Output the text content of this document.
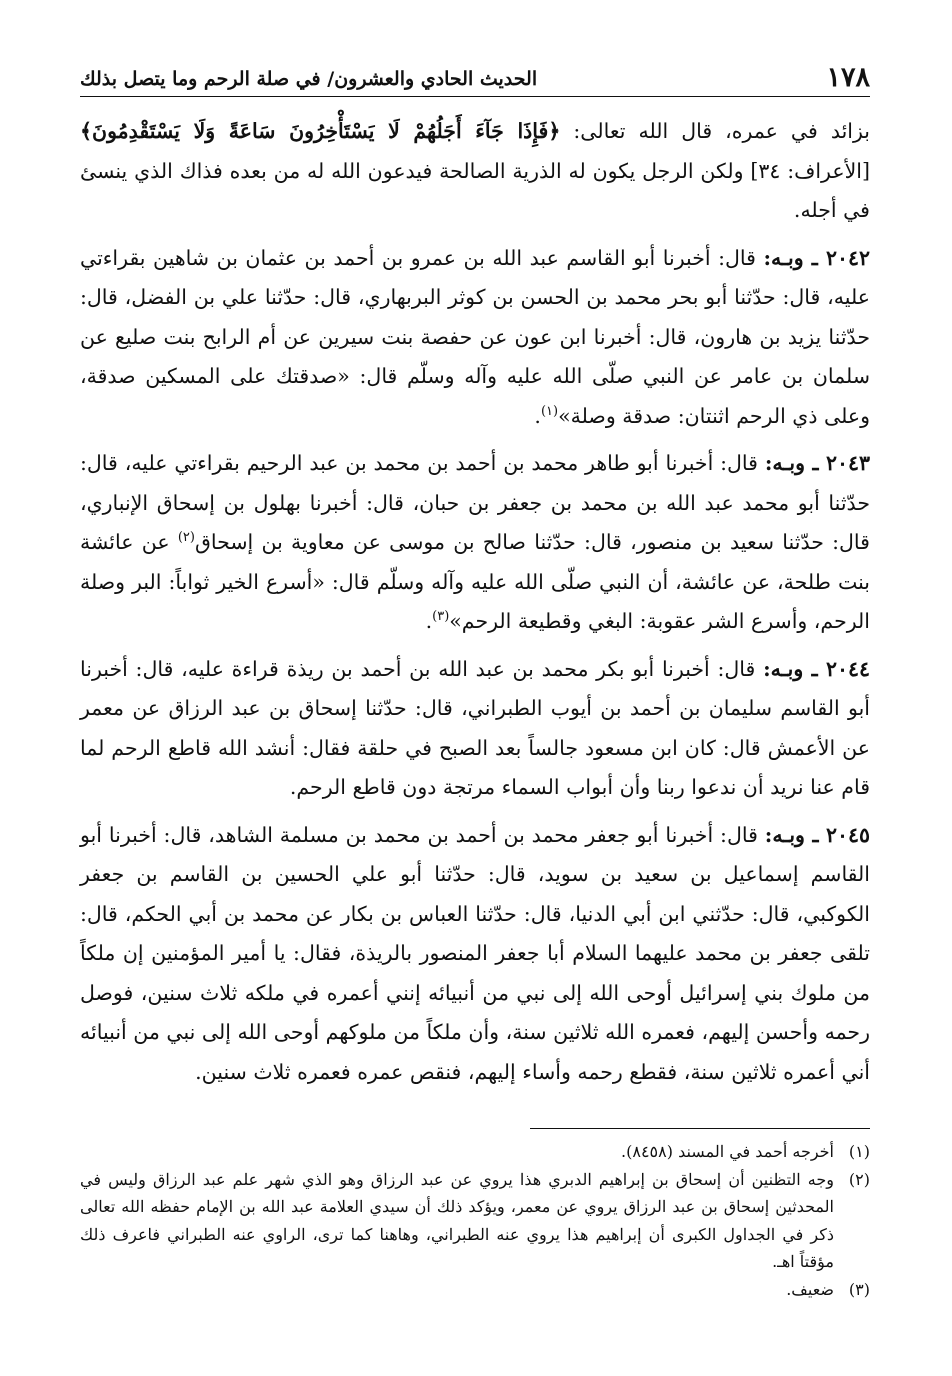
١٧٨
الحديث الحادي والعشرون/ في صلة الرحم وما يتصل بذلك

بزائد في عمره، قال الله تعالى: ﴿فَإِذَا جَآءَ أَجَلُهُمْ لَا يَسْتَأْخِرُونَ سَاعَةً وَلَا يَسْتَقْدِمُونَ﴾ [الأعراف: ٣٤] ولكن الرجل يكون له الذرية الصالحة فيدعون الله له من بعده فذاك الذي ينسئ في أجله.

٢٠٤٢ ـ وبـه: قال: أخبرنا أبو القاسم عبد الله بن عمرو بن أحمد بن عثمان بن شاهين بقراءتي عليه، قال: حدّثنا أبو بحر محمد بن الحسن بن كوثر البربهاري، قال: حدّثنا علي بن الفضل، قال: حدّثنا يزيد بن هارون، قال: أخبرنا ابن عون عن حفصة بنت سيرين عن أم الرابح بنت صليع عن سلمان بن عامر عن النبي صلّى الله عليه وآله وسلّم قال: «صدقتك على المسكين صدقة، وعلى ذي الرحم اثنتان: صدقة وصلة»$^{(١)}$.

٢٠٤٣ ـ وبـه: قال: أخبرنا أبو طاهر محمد بن أحمد بن محمد بن عبد الرحيم بقراءتي عليه، قال: حدّثنا أبو محمد عبد الله بن محمد بن جعفر بن حبان، قال: أخبرنا بهلول بن إسحاق الإنباري، قال: حدّثنا سعيد بن منصور، قال: حدّثنا صالح بن موسى عن معاوية بن إسحاق$^{(٢)}$ عن عائشة بنت طلحة، عن عائشة، أن النبي صلّى الله عليه وآله وسلّم قال: «أسرع الخير ثواباً: البر وصلة الرحم، وأسرع الشر عقوبة: البغي وقطيعة الرحم»$^{(٣)}$.

٢٠٤٤ ـ وبـه: قال: أخبرنا أبو بكر محمد بن عبد الله بن أحمد بن ريذة قراءة عليه، قال: أخبرنا أبو القاسم سليمان بن أحمد بن أيوب الطبراني، قال: حدّثنا إسحاق بن عبد الرزاق عن معمر عن الأعمش قال: كان ابن مسعود جالساً بعد الصبح في حلقة فقال: أنشد الله قاطع الرحم لما قام عنا نريد أن ندعوا ربنا وأن أبواب السماء مرتجة دون قاطع الرحم.

٢٠٤٥ ـ وبـه: قال: أخبرنا أبو جعفر محمد بن أحمد بن محمد بن مسلمة الشاهد، قال: أخبرنا أبو القاسم إسماعيل بن سعيد بن سويد، قال: حدّثنا أبو علي الحسين بن القاسم بن جعفر الكوكبي، قال: حدّثني ابن أبي الدنيا، قال: حدّثنا العباس بن بكار عن محمد بن أبي الحكم، قال: تلقى جعفر بن محمد عليهما السلام أبا جعفر المنصور بالريذة، فقال: يا أمير المؤمنين إن ملكاً من ملوك بني إسرائيل أوحى الله إلى نبي من أنبيائه إنني أعمره في ملكه ثلاث سنين، فوصل رحمه وأحسن إليهم، فعمره الله ثلاثين سنة، وأن ملكاً من ملوكهم أوحى الله إلى نبي من أنبيائه أني أعمره ثلاثين سنة، فقطع رحمه وأساء إليهم، فنقص عمره فعمره ثلاث سنين.

(١)
أخرجه أحمد في المسند (٨٤٥٨).

(٢)
وجه التظنين أن إسحاق بن إبراهيم الدبري هذا يروي عن عبد الرزاق وهو الذي شهر علم عبد الرزاق وليس في المحدثين إسحاق بن عبد الرزاق يروي عن معمر، ويؤكد ذلك أن سيدي العلامة عبد الله بن الإمام حفظه الله تعالى ذكر في الجداول الكبرى أن إبراهيم هذا يروي عنه الطبراني، وهاهنا كما ترى، الراوي عنه الطبراني فاعرف ذلك مؤقتاً اهـ.

(٣)
ضعيف.
